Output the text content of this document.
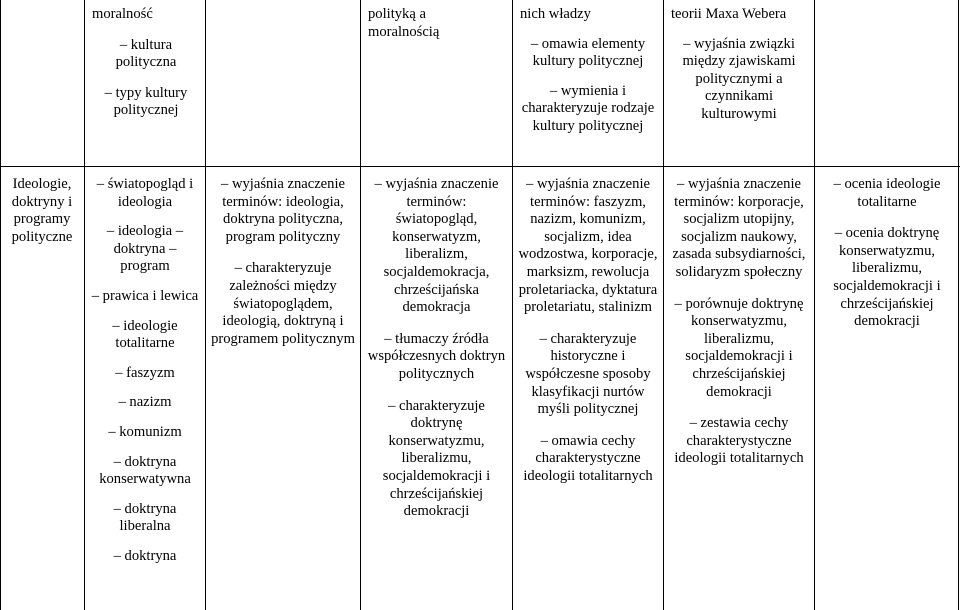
moralność
– kultura polityczna
– typy kultury politycznej
polityką a moralnością
nich władzy
– omawia elementy kultury politycznej
– wymienia i charakteryzuje rodzaje kultury politycznej
teorii Maxa Webera
– wyjaśnia związki między zjawiskami politycznymi a czynnikami kulturowymi
Ideologie, doktryny i programy polityczne
– światopogląd i ideologia
– ideologia – doktryna – program
– prawica i lewica
– ideologie totalitarne
– faszyzm
– nazizm
– komunizm
– doktryna konserwatywna
– doktryna liberalna
– doktryna
– wyjaśnia znaczenie terminów: ideologia, doktryna polityczna, program polityczny
– charakteryzuje zależności między światopoglądem, ideologią, doktryną i programem politycznym
– wyjaśnia znaczenie terminów: światopogląd, konserwatyzm, liberalizm, socjaldemokracja, chrześcijańska demokracja
– tłumaczy źródła współczesnych doktryn politycznych
– charakteryzuje doktrynę konserwatyzmu, liberalizmu, socjaldemokracji i chrześcijańskiej demokracji
– wyjaśnia znaczenie terminów: faszyzm, nazizm, komunizm, socjalizm, idea wodzostwa, korporacje, marksizm, rewolucja proletariacka, dyktatura proletariatu, stalinizm
– charakteryzuje historyczne i współczesne sposoby klasyfikacji nurtów myśli politycznej
– omawia cechy charakterystyczne ideologii totalitarnych
– wyjaśnia znaczenie terminów: korporacje, socjalizm utopijny, socjalizm naukowy, zasada subsydiarności, solidaryzm społeczny
– porównuje doktrynę konserwatyzmu, liberalizmu, socjaldemokracji i chrześcijańskiej demokracji
– zestawia cechy charakterystyczne ideologii totalitarnych
– ocenia ideologie totalitarne
– ocenia doktrynę konserwatyzmu, liberalizmu, socjaldemokracji i chrześcijańskiej demokracji
